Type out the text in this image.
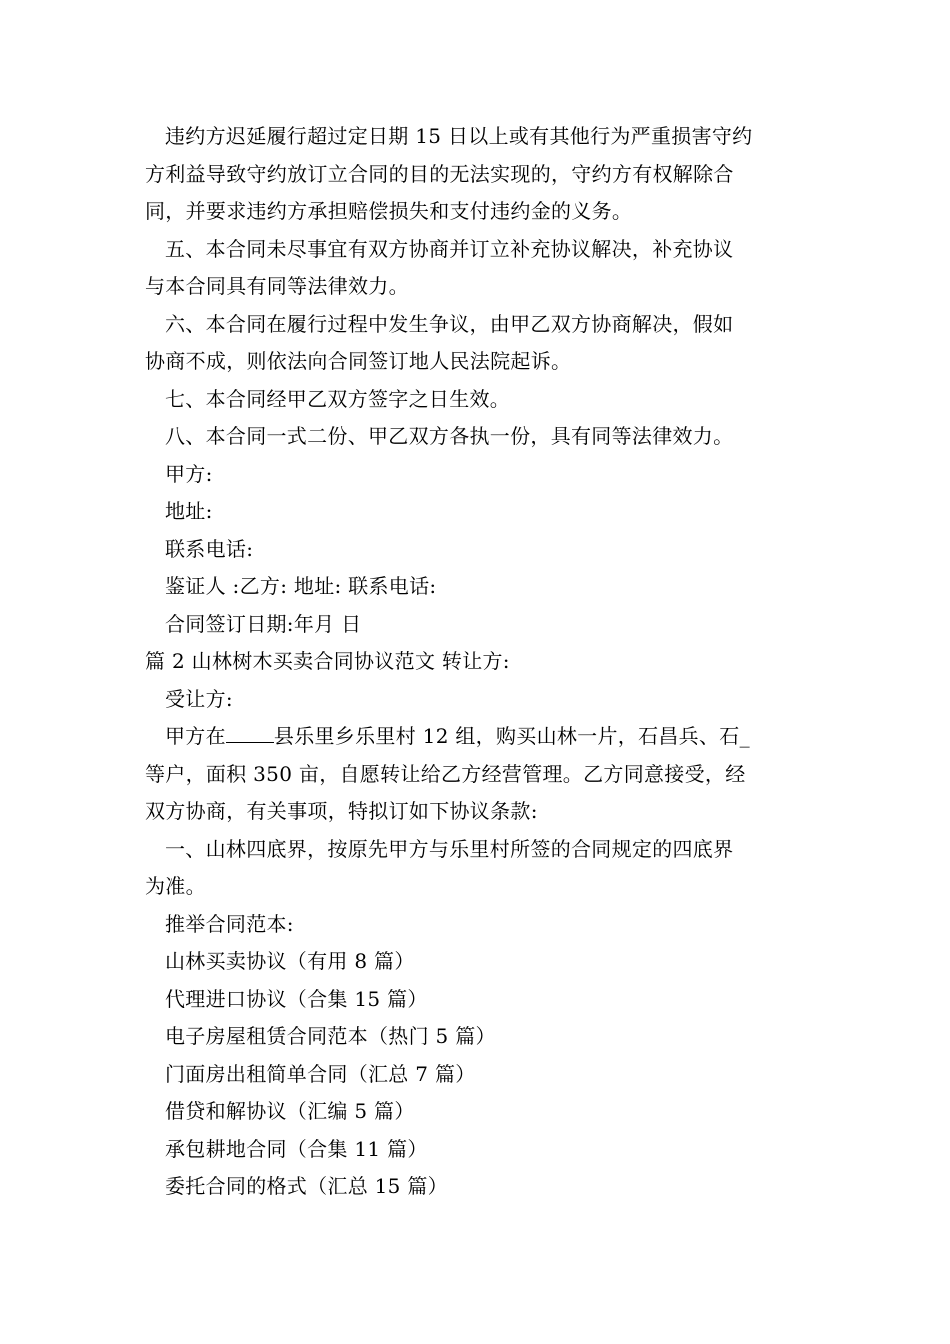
违约方迟延履行超过定日期 15 日以上或有其他行为严重损害守约
方利益导致守约放订立合同的目的无法实现的，守约方有权解除合
同，并要求违约方承担赔偿损失和支付违约金的义务。
五、本合同未尽事宜有双方协商并订立补充协议解决，补充协议
与本合同具有同等法律效力。
六、本合同在履行过程中发生争议，由甲乙双方协商解决，假如
协商不成，则依法向合同签订地人民法院起诉。
七、本合同经甲乙双方签字之日生效。
八、本合同一式二份、甲乙双方各执一份，具有同等法律效力。
甲方:
地址:
联系电话:
鉴证人 :乙方: 地址: 联系电话:
合同签订日期:年月 日
篇 2 山林树木买卖合同协议范文 转让方:
受让方:
甲方在 县乐里乡乐里村 12 组，购买山林一片，石昌兵、石_
等户，面积 350 亩，自愿转让给乙方经营管理。乙方同意接受，经
双方协商，有关事项，特拟订如下协议条款:
一、山林四底界，按原先甲方与乐里村所签的合同规定的四底界
为准。
推举合同范本:
山林买卖协议（有用 8 篇）
代理进口协议（合集 15 篇）
电子房屋租赁合同范本（热门 5 篇）
门面房出租简单合同（汇总 7 篇）
借贷和解协议（汇编 5 篇）
承包耕地合同（合集 11 篇）
委托合同的格式（汇总 15 篇）
